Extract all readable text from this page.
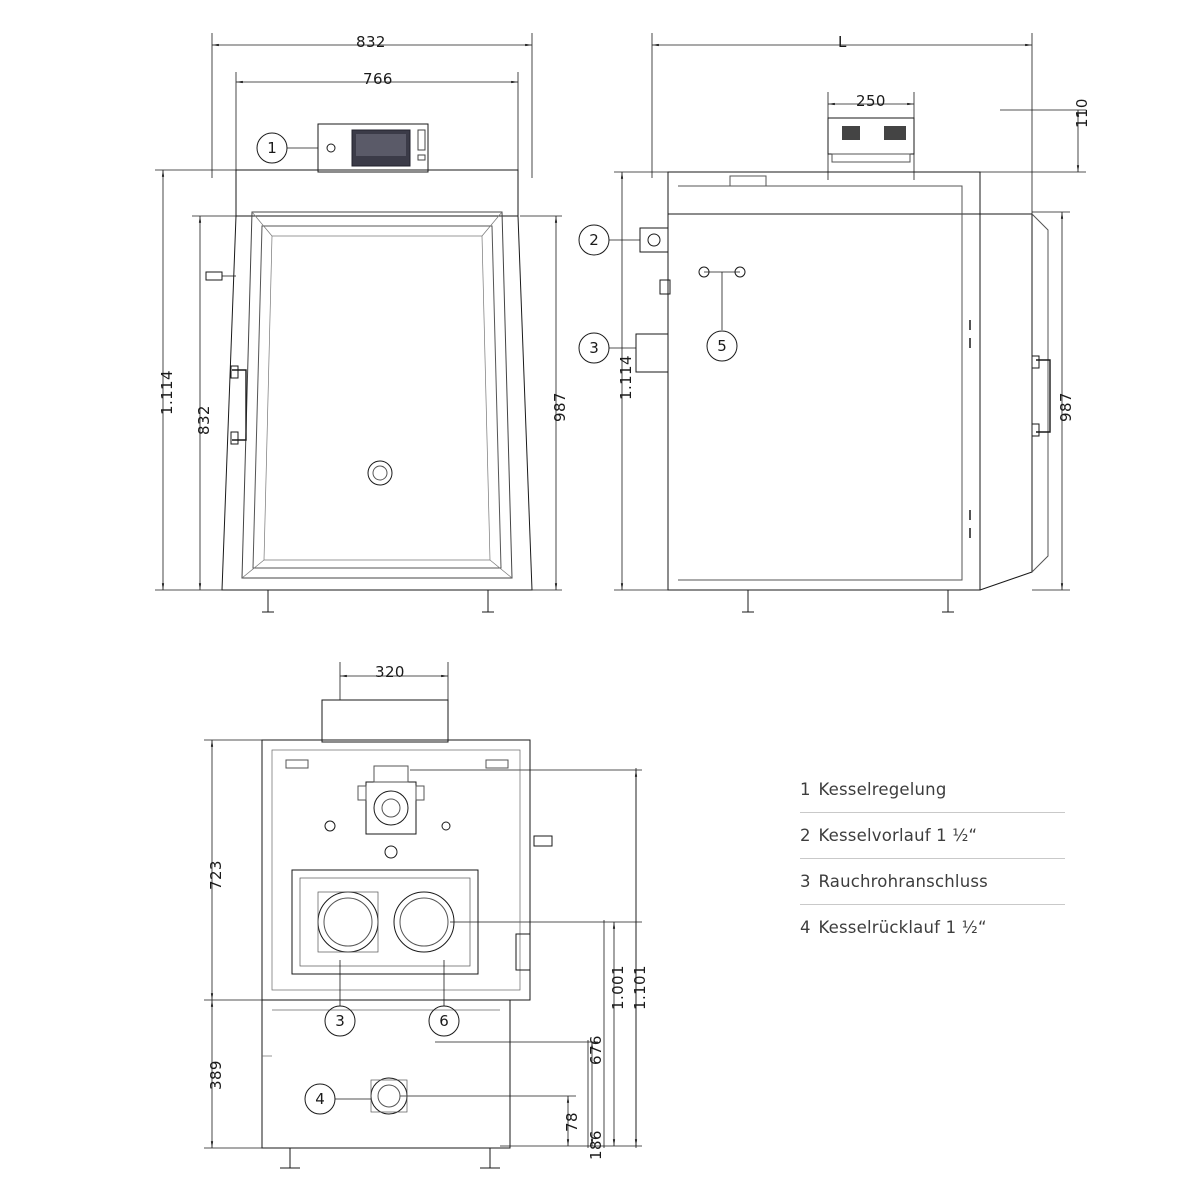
832
766
1.114
832	987
1
L
250	110
1.114
987
2
3	5
320
723
389
1.001 1.101
676
78
186
3	6
4
1 Kesselregelung
2 Kesselvorlauf 1 ½“
3 Rauchrohranschluss
4 Kesselrücklauf 1 ½“
